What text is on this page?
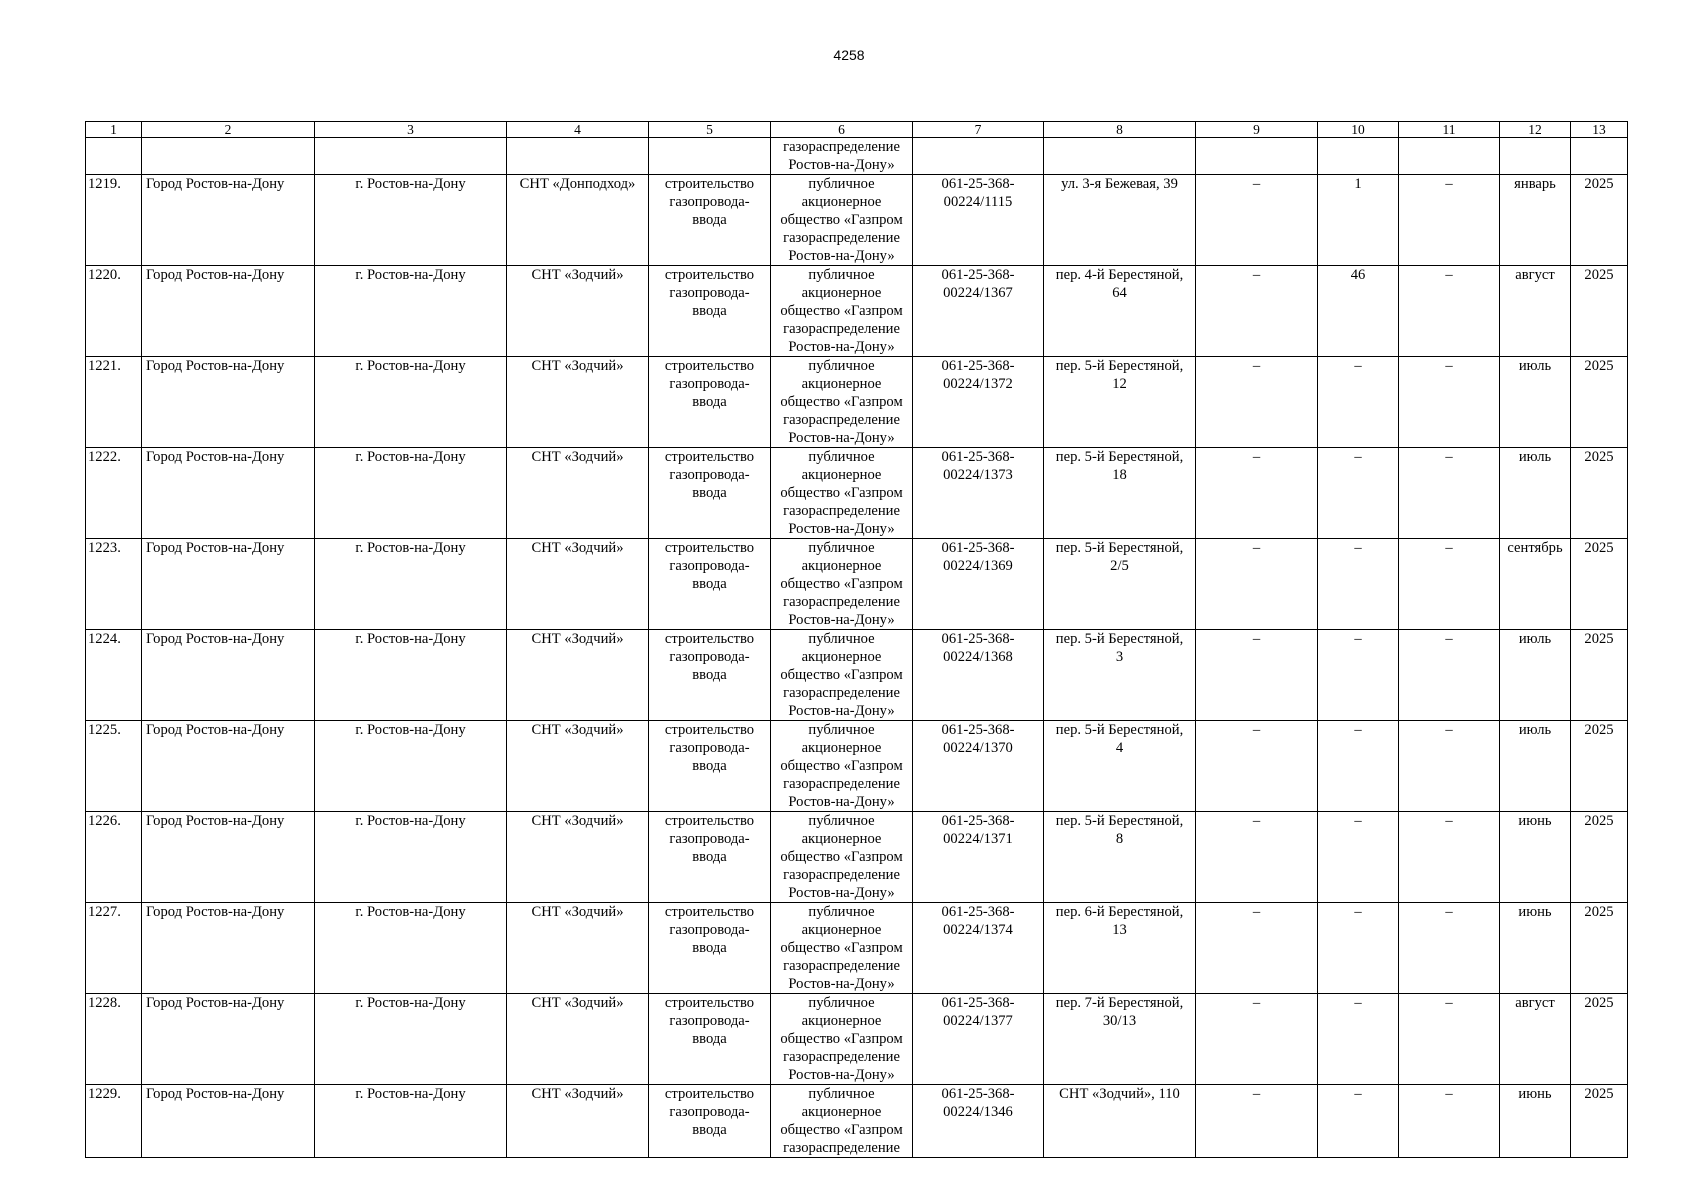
4258
1	2	3	4	5	6	7	8	9	10	11	12	13
					газораспределение
Ростов-на-Дону»							
1219.	Город Ростов-на-Дону	г. Ростов-на-Дону	СНТ «Донподход»	строительство
газопровода-
ввода	публичное
акционерное
общество «Газпром
газораспределение
Ростов-на-Дону»	061-25-368-
00224/1115	ул. 3-я Бежевая, 39	–	1	–	январь	2025
1220.	Город Ростов-на-Дону	г. Ростов-на-Дону	СНТ «Зодчий»	строительство
газопровода-
ввода	публичное
акционерное
общество «Газпром
газораспределение
Ростов-на-Дону»	061-25-368-
00224/1367	пер. 4-й Берестяной,
64	–	46	–	август	2025
1221.	Город Ростов-на-Дону	г. Ростов-на-Дону	СНТ «Зодчий»	строительство
газопровода-
ввода	публичное
акционерное
общество «Газпром
газораспределение
Ростов-на-Дону»	061-25-368-
00224/1372	пер. 5-й Берестяной,
12	–	–	–	июль	2025
1222.	Город Ростов-на-Дону	г. Ростов-на-Дону	СНТ «Зодчий»	строительство
газопровода-
ввода	публичное
акционерное
общество «Газпром
газораспределение
Ростов-на-Дону»	061-25-368-
00224/1373	пер. 5-й Берестяной,
18	–	–	–	июль	2025
1223.	Город Ростов-на-Дону	г. Ростов-на-Дону	СНТ «Зодчий»	строительство
газопровода-
ввода	публичное
акционерное
общество «Газпром
газораспределение
Ростов-на-Дону»	061-25-368-
00224/1369	пер. 5-й Берестяной,
2/5	–	–	–	сентябрь	2025
1224.	Город Ростов-на-Дону	г. Ростов-на-Дону	СНТ «Зодчий»	строительство
газопровода-
ввода	публичное
акционерное
общество «Газпром
газораспределение
Ростов-на-Дону»	061-25-368-
00224/1368	пер. 5-й Берестяной,
3	–	–	–	июль	2025
1225.	Город Ростов-на-Дону	г. Ростов-на-Дону	СНТ «Зодчий»	строительство
газопровода-
ввода	публичное
акционерное
общество «Газпром
газораспределение
Ростов-на-Дону»	061-25-368-
00224/1370	пер. 5-й Берестяной,
4	–	–	–	июль	2025
1226.	Город Ростов-на-Дону	г. Ростов-на-Дону	СНТ «Зодчий»	строительство
газопровода-
ввода	публичное
акционерное
общество «Газпром
газораспределение
Ростов-на-Дону»	061-25-368-
00224/1371	пер. 5-й Берестяной,
8	–	–	–	июнь	2025
1227.	Город Ростов-на-Дону	г. Ростов-на-Дону	СНТ «Зодчий»	строительство
газопровода-
ввода	публичное
акционерное
общество «Газпром
газораспределение
Ростов-на-Дону»	061-25-368-
00224/1374	пер. 6-й Берестяной,
13	–	–	–	июнь	2025
1228.	Город Ростов-на-Дону	г. Ростов-на-Дону	СНТ «Зодчий»	строительство
газопровода-
ввода	публичное
акционерное
общество «Газпром
газораспределение
Ростов-на-Дону»	061-25-368-
00224/1377	пер. 7-й Берестяной,
30/13	–	–	–	август	2025
1229.	Город Ростов-на-Дону	г. Ростов-на-Дону	СНТ «Зодчий»	строительство
газопровода-
ввода	публичное
акционерное
общество «Газпром
газораспределение	061-25-368-
00224/1346	СНТ «Зодчий», 110	–	–	–	июнь	2025
